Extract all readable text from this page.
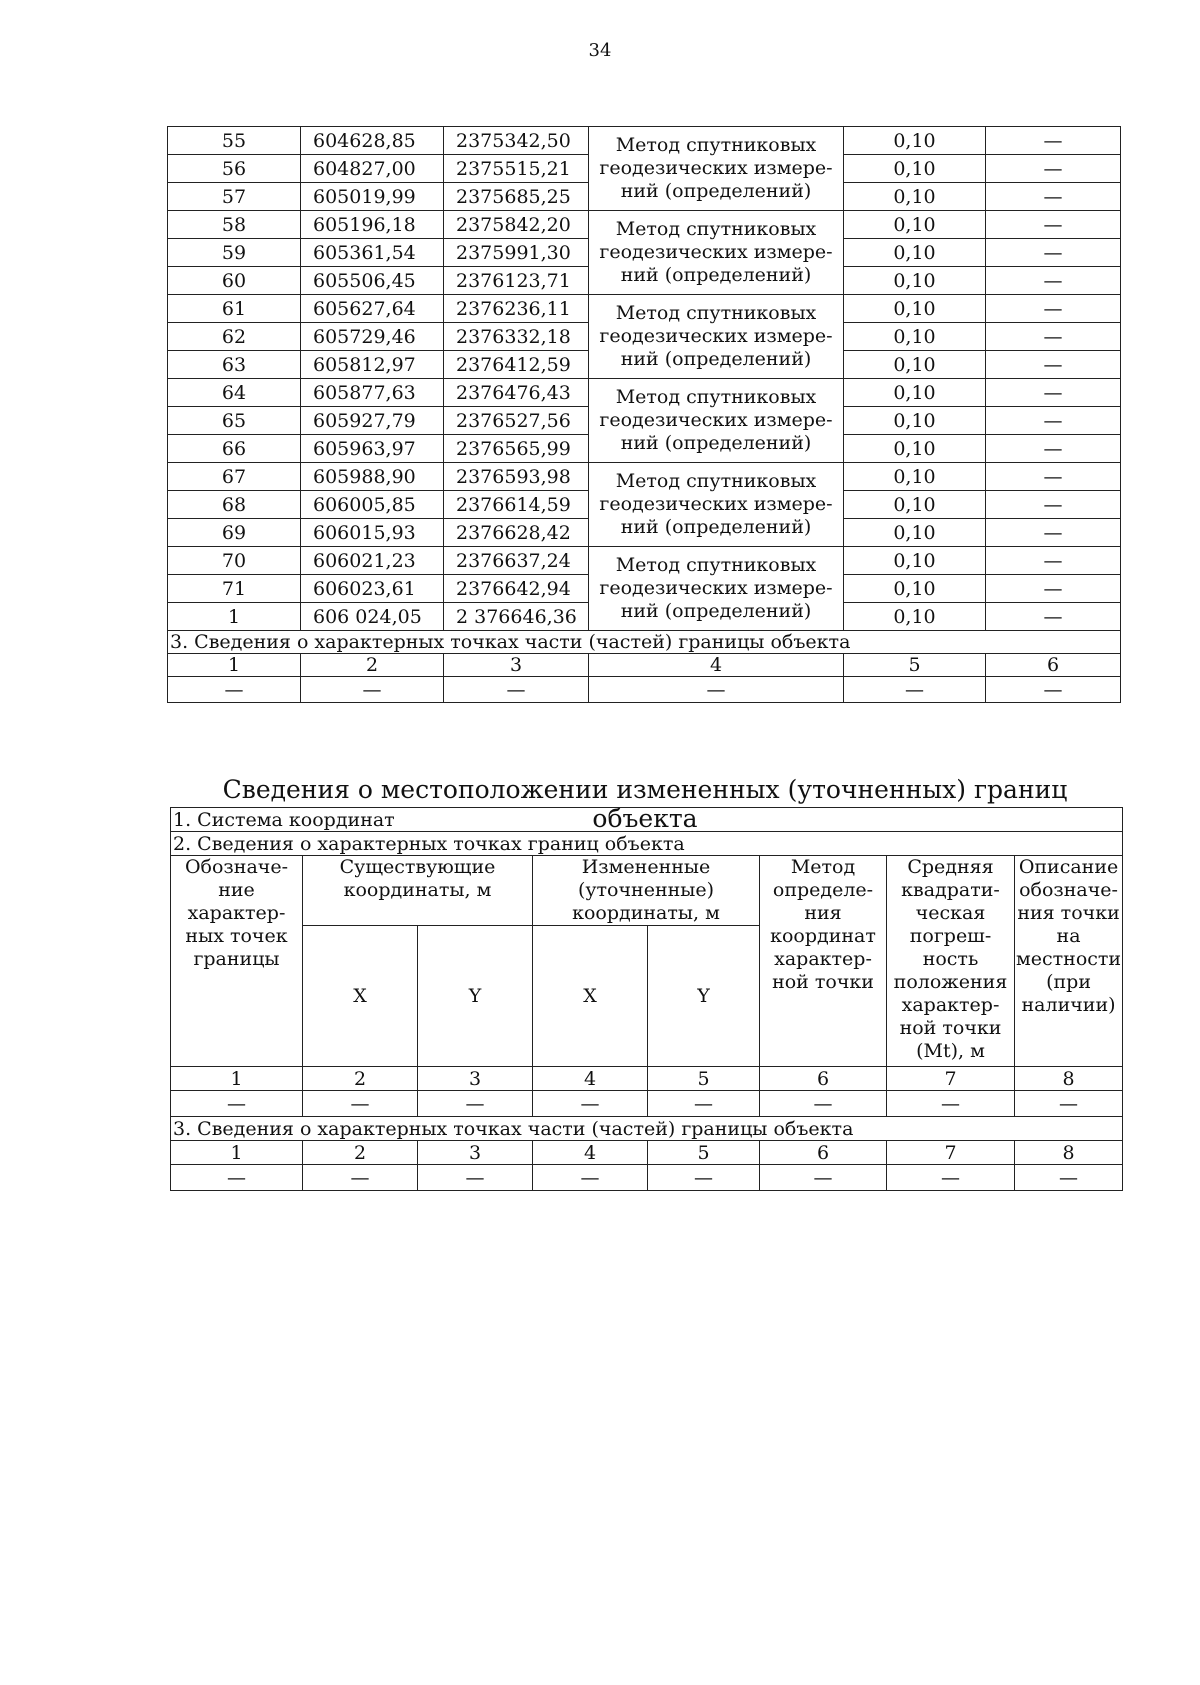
34
55	604628,85	2375342,50	Метод спутниковых геодезических измере-ний (определений)	0,10	—
56	604827,00	2375515,21		0,10	—
57	605019,99	2375685,25		0,10	—
58	605196,18	2375842,20	Метод спутниковых геодезических измере-ний (определений)	0,10	—
59	605361,54	2375991,30		0,10	—
60	605506,45	2376123,71		0,10	—
61	605627,64	2376236,11	Метод спутниковых геодезических измере-ний (определений)	0,10	—
62	605729,46	2376332,18		0,10	—
63	605812,97	2376412,59		0,10	—
64	605877,63	2376476,43	Метод спутниковых геодезических измере-ний (определений)	0,10	—
65	605927,79	2376527,56		0,10	—
66	605963,97	2376565,99		0,10	—
67	605988,90	2376593,98	Метод спутниковых геодезических измере-ний (определений)	0,10	—
68	606005,85	2376614,59		0,10	—
69	606015,93	2376628,42		0,10	—
70	606021,23	2376637,24	Метод спутниковых геодезических измере-ний (определений)	0,10	—
71	606023,61	2376642,94		0,10	—
1	606 024,05	2 376646,36		0,10	—
3. Сведения о характерных точках части (частей) границы объекта					
1	2	3	4	5	6
—	—	—	—	—	—
Сведения о местоположении измененных (уточненных) границ объекта
1. Система координат							
2. Сведения о характерных точках границ объекта							
Обозначе-ние характер-ных точек границы	Существующие координаты, м		Измененные (уточненные) координаты, м		Метод определе-ния координат характер-ной точки	Средняя квадрати-ческая погреш-ность положения характер-ной точки (Mt), м	Описание обозначе-ния точки на местности (при наличии)
	X	Y	X	Y			
1	2	3	4	5	6	7	8
—	—	—	—	—	—	—	—
3. Сведения о характерных точках части (частей) границы объекта							
1	2	3	4	5	6	7	8
—	—	—	—	—	—	—	—
